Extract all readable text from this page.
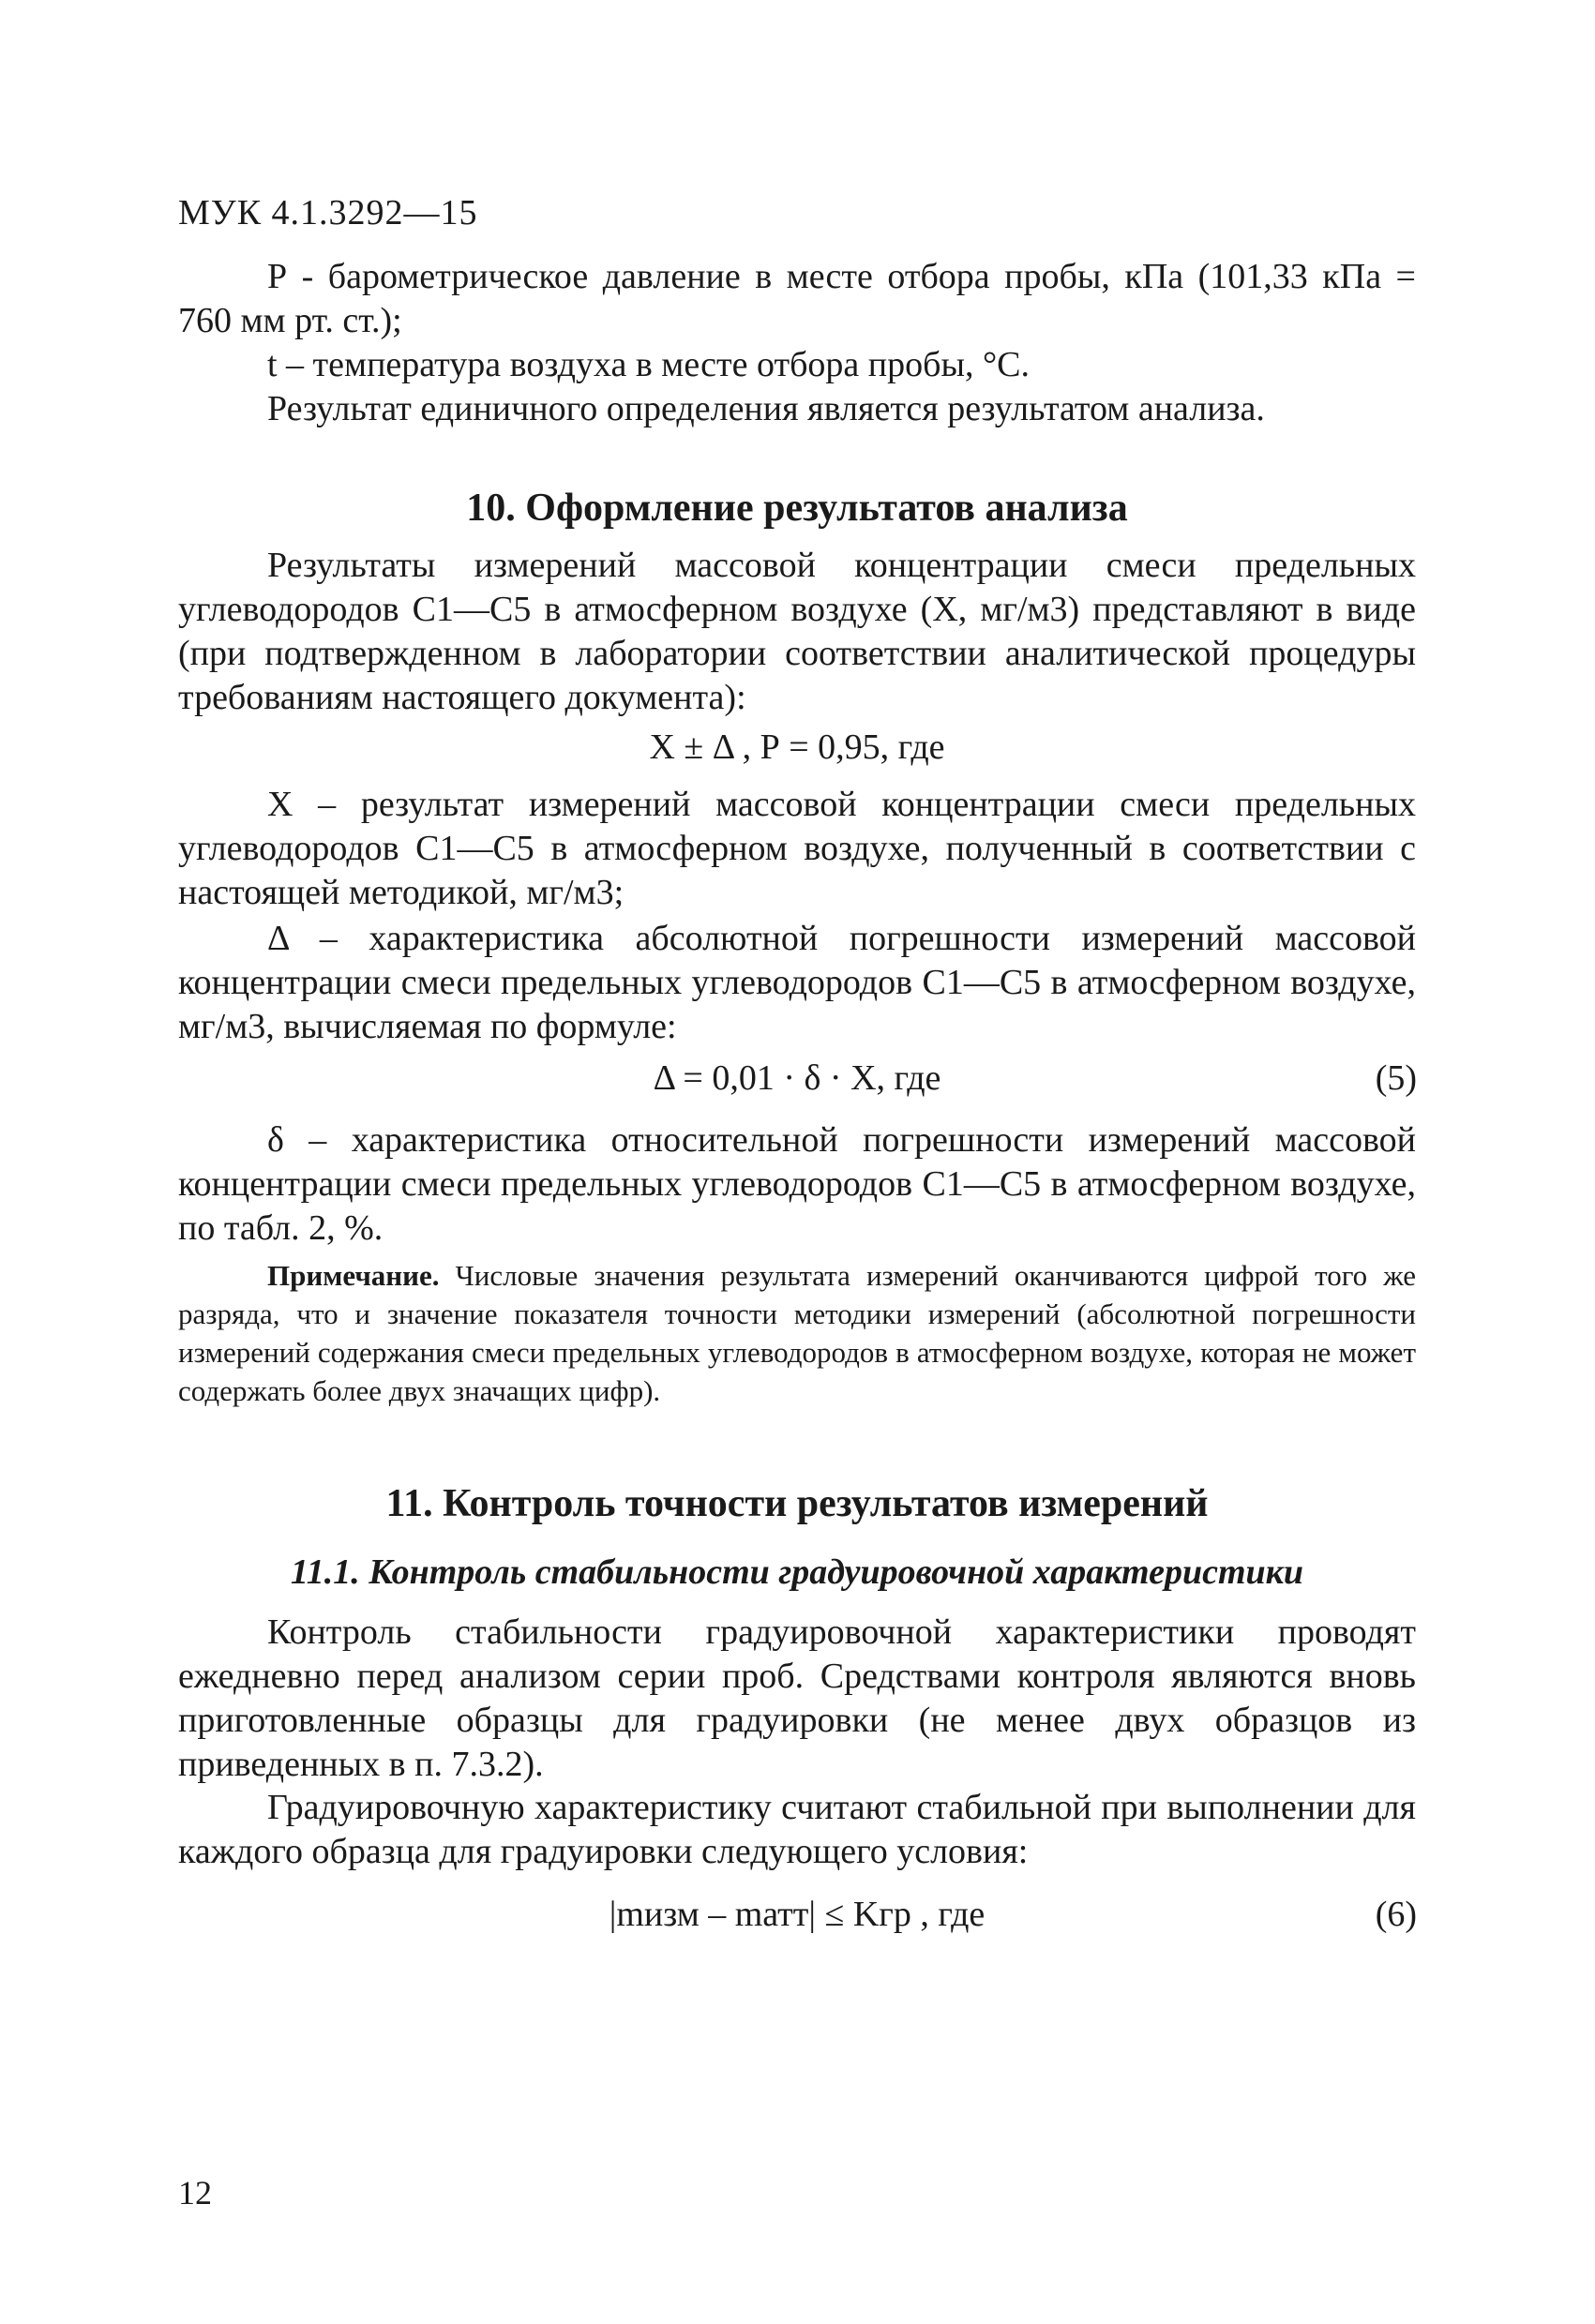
МУК 4.1.3292—15

Р - барометрическое давление в месте отбора пробы, кПа (101,33 кПа = 760 мм рт. ст.);

t – температура воздуха в месте отбора пробы, °С.

Результат единичного определения является результатом анализа.

10. Оформление результатов анализа
Результаты измерений массовой концентрации смеси предельных углеводородов С1—С5 в атмосферном воздухе (Х, мг/м3) представляют в виде (при подтвержденном в лаборатории соответствии аналитической процедуры требованиям настоящего документа):
Х ± Δ , Р = 0,95, где
Х – результат измерений массовой концентрации смеси предельных углеводородов С1—С5 в атмосферном воздухе, полученный в соответствии с настоящей методикой, мг/м3;
Δ – характеристика абсолютной погрешности измерений массовой концентрации смеси предельных углеводородов С1—С5 в атмосферном воздухе, мг/м3, вычисляемая по формуле:
Δ = 0,01 · δ · Х, где	(5)
δ – характеристика относительной погрешности измерений массовой концентрации смеси предельных углеводородов С1—С5 в атмосферном воздухе, по табл. 2, %.
Примечание. Числовые значения результата измерений оканчиваются цифрой того же разряда, что и значение показателя точности методики измерений (абсолютной погрешности измерений содержания смеси предельных углеводородов в атмосферном воздухе, которая не может содержать более двух значащих цифр).
11. Контроль точности результатов измерений
11.1. Контроль стабильности градуировочной характеристики
Контроль стабильности градуировочной характеристики проводят ежедневно перед анализом серии проб. Средствами контроля являются вновь приготовленные образцы для градуировки (не менее двух образцов из приведенных в п. 7.3.2).
Градуировочную характеристику считают стабильной при выполнении для каждого образца для градуировки следующего условия:
|mизм – mатт| ≤ Kгр , где	(6)
12
